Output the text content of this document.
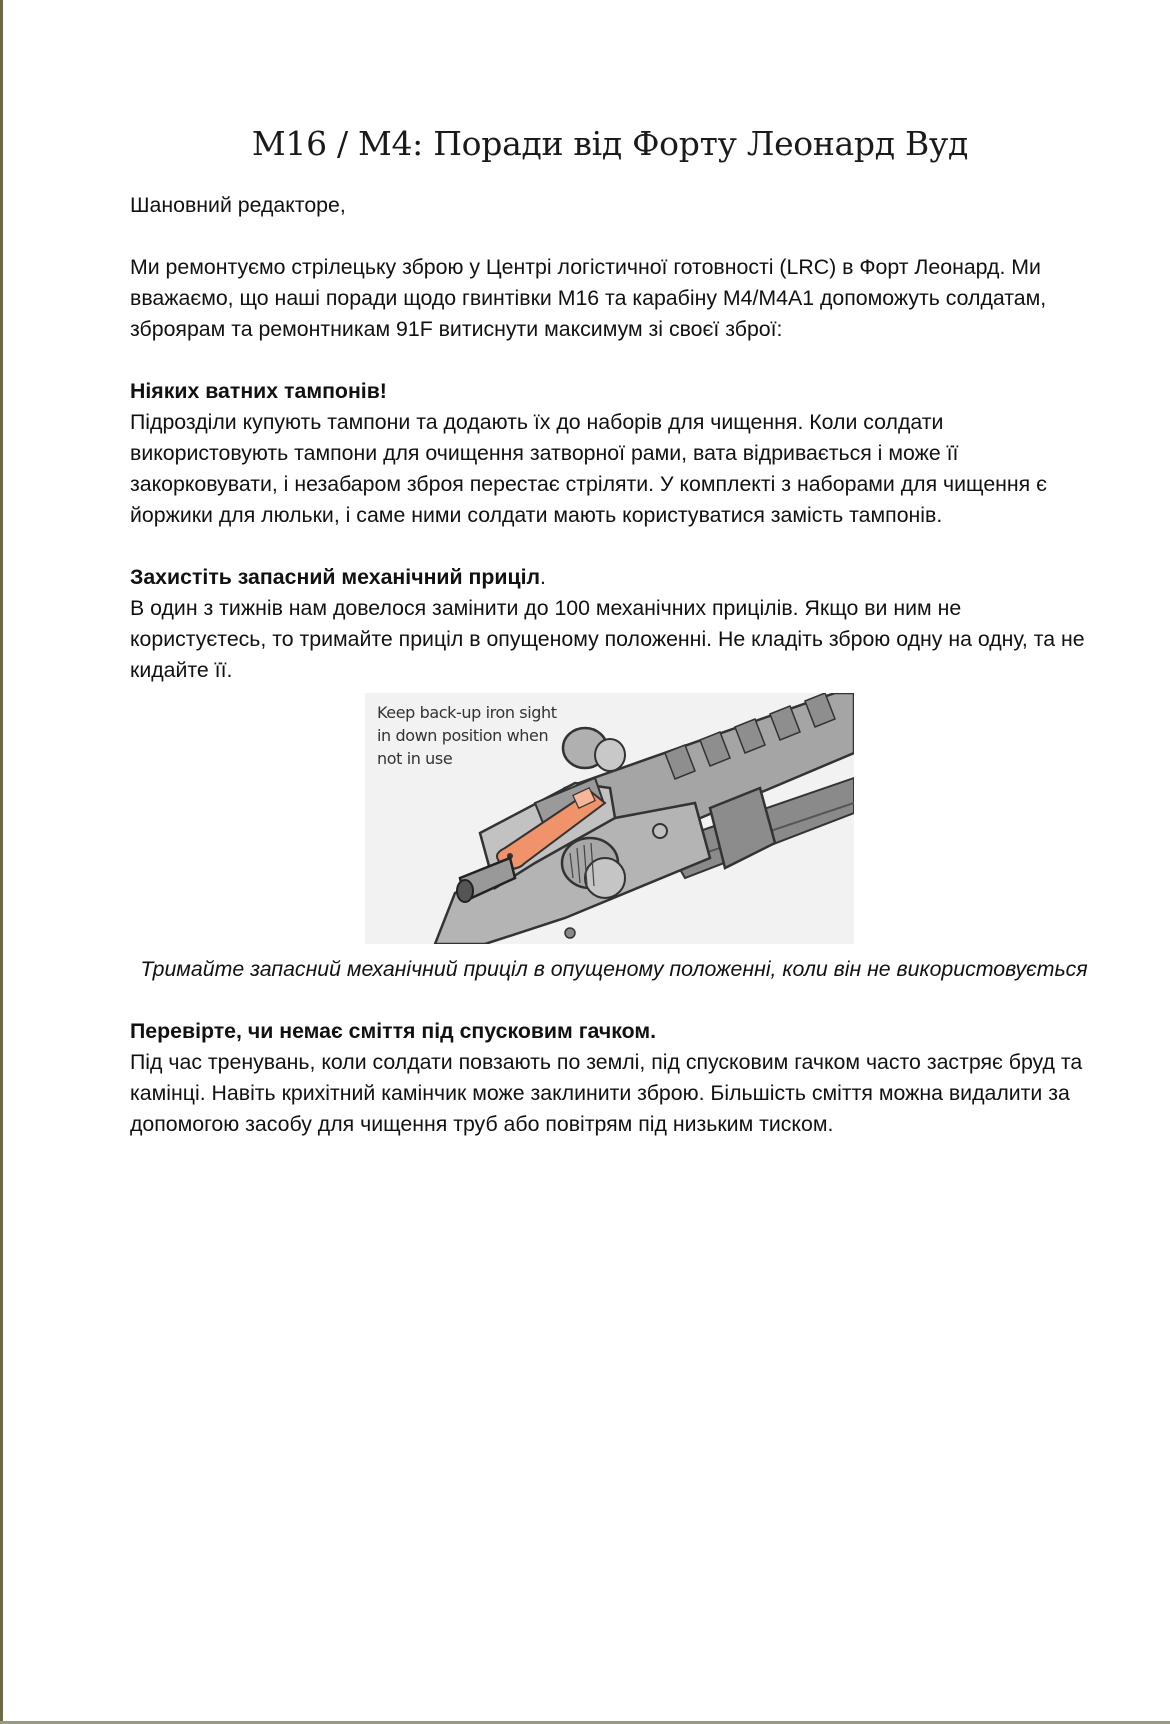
M16 / M4: Поради від Форту Леонард Вуд

Шановний редакторе,

Ми ремонтуємо стрілецьку зброю у Центрі логістичної готовності (LRC) в Форт Леонард. Ми вважаємо, що наші поради щодо гвинтівки M16 та карабіну M4/M4A1 допоможуть солдатам, зброярам та ремонтникам 91F витиснути максимум зі своєї зброї:

Ніяких ватних тампонів!

Підрозділи купують тампони та додають їх до наборів для чищення. Коли солдати використовують тампони для очищення затворної рами, вата відривається і може її закорковувати, і незабаром зброя перестає стріляти. У комплекті з наборами для чищення є йоржики для люльки, і саме ними солдати мають користуватися замість тампонів.

Захистіть запасний механічний приціл.

В один з тижнів нам довелося замінити до 100 механічних прицілів. Якщо ви ним не користуєтесь, то тримайте приціл в опущеному положенні. Не кладіть зброю одну на одну, та не кидайте її.

Keep back-up iron sight
in down position when
not in use

Тримайте запасний механічний приціл в опущеному положенні, коли він не використовується

Перевірте, чи немає сміття під спусковим гачком.

Під час тренувань, коли солдати повзають по землі, під спусковим гачком часто застряє бруд та камінці. Навіть крихітний камінчик може заклинити зброю. Більшість сміття можна видалити за допомогою засобу для чищення труб або повітрям під низьким тиском.
